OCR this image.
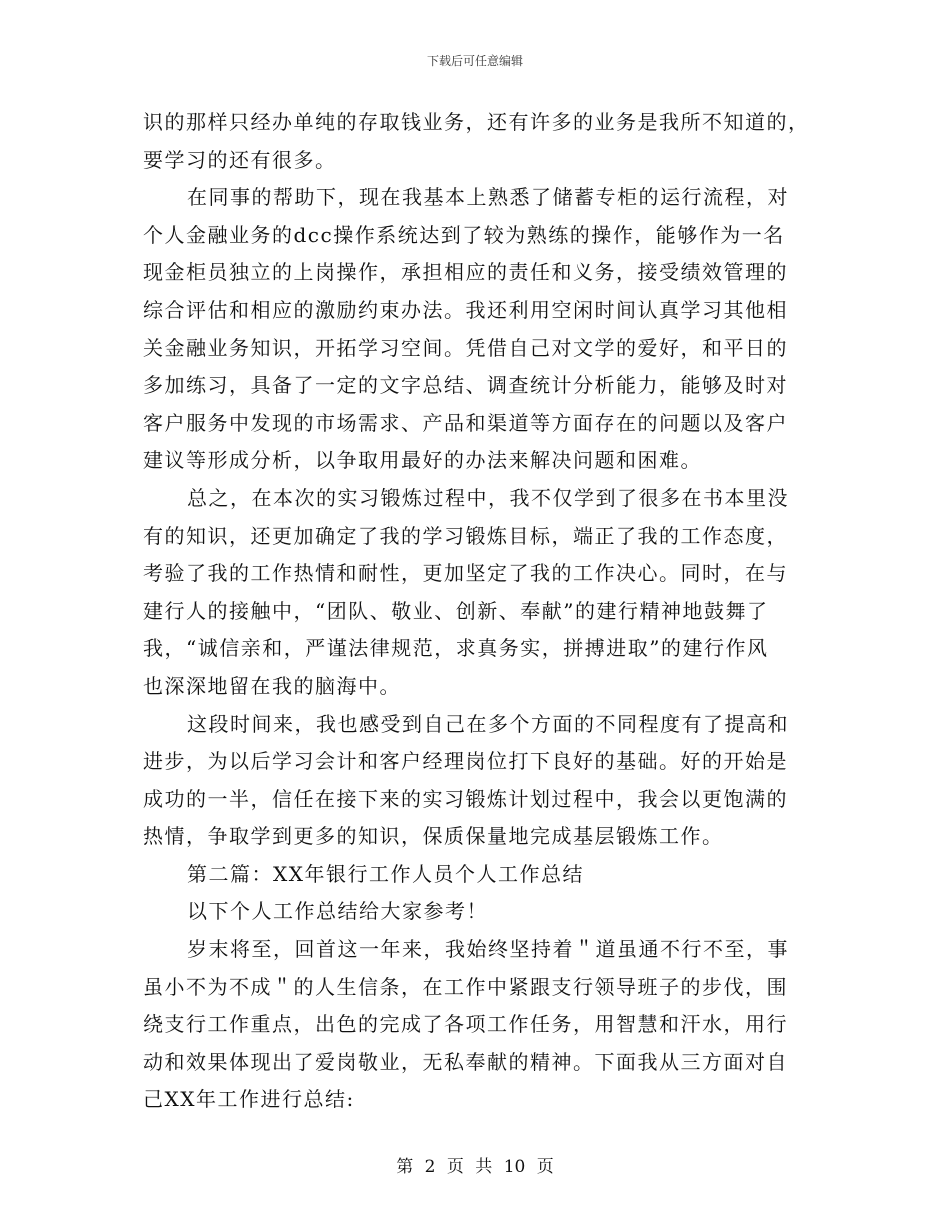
下载后可任意编辑
识的那样只经办单纯的存取钱业务，还有许多的业务是我所不知道的，
要学习的还有很多。
在同事的帮助下，现在我基本上熟悉了储蓄专柜的运行流程，对
个人金融业务的dcc操作系统达到了较为熟练的操作，能够作为一名
现金柜员独立的上岗操作，承担相应的责任和义务，接受绩效管理的
综合评估和相应的激励约束办法。我还利用空闲时间认真学习其他相
关金融业务知识，开拓学习空间。凭借自己对文学的爱好，和平日的
多加练习，具备了一定的文字总结、调查统计分析能力，能够及时对
客户服务中发现的市场需求、产品和渠道等方面存在的问题以及客户
建议等形成分析，以争取用最好的办法来解决问题和困难。
总之，在本次的实习锻炼过程中，我不仅学到了很多在书本里没
有的知识，还更加确定了我的学习锻炼目标，端正了我的工作态度，
考验了我的工作热情和耐性，更加坚定了我的工作决心。同时，在与
建行人的接触中，“团队、敬业、创新、奉献”的建行精神地鼓舞了
我，“诚信亲和，严谨法律规范，求真务实，拼搏进取”的建行作风
也深深地留在我的脑海中。
这段时间来，我也感受到自己在多个方面的不同程度有了提高和
进步，为以后学习会计和客户经理岗位打下良好的基础。好的开始是
成功的一半，信任在接下来的实习锻炼计划过程中，我会以更饱满的
热情，争取学到更多的知识，保质保量地完成基层锻炼工作。
第二篇：XX年银行工作人员个人工作总结
以下个人工作总结给大家参考！
岁末将至，回首这一年来，我始终坚持着＂道虽通不行不至，事
虽小不为不成＂的人生信条，在工作中紧跟支行领导班子的步伐，围
绕支行工作重点，出色的完成了各项工作任务，用智慧和汗水，用行
动和效果体现出了爱岗敬业，无私奉献的精神。下面我从三方面对自
己XX年工作进行总结:
第 2 页 共 10 页
